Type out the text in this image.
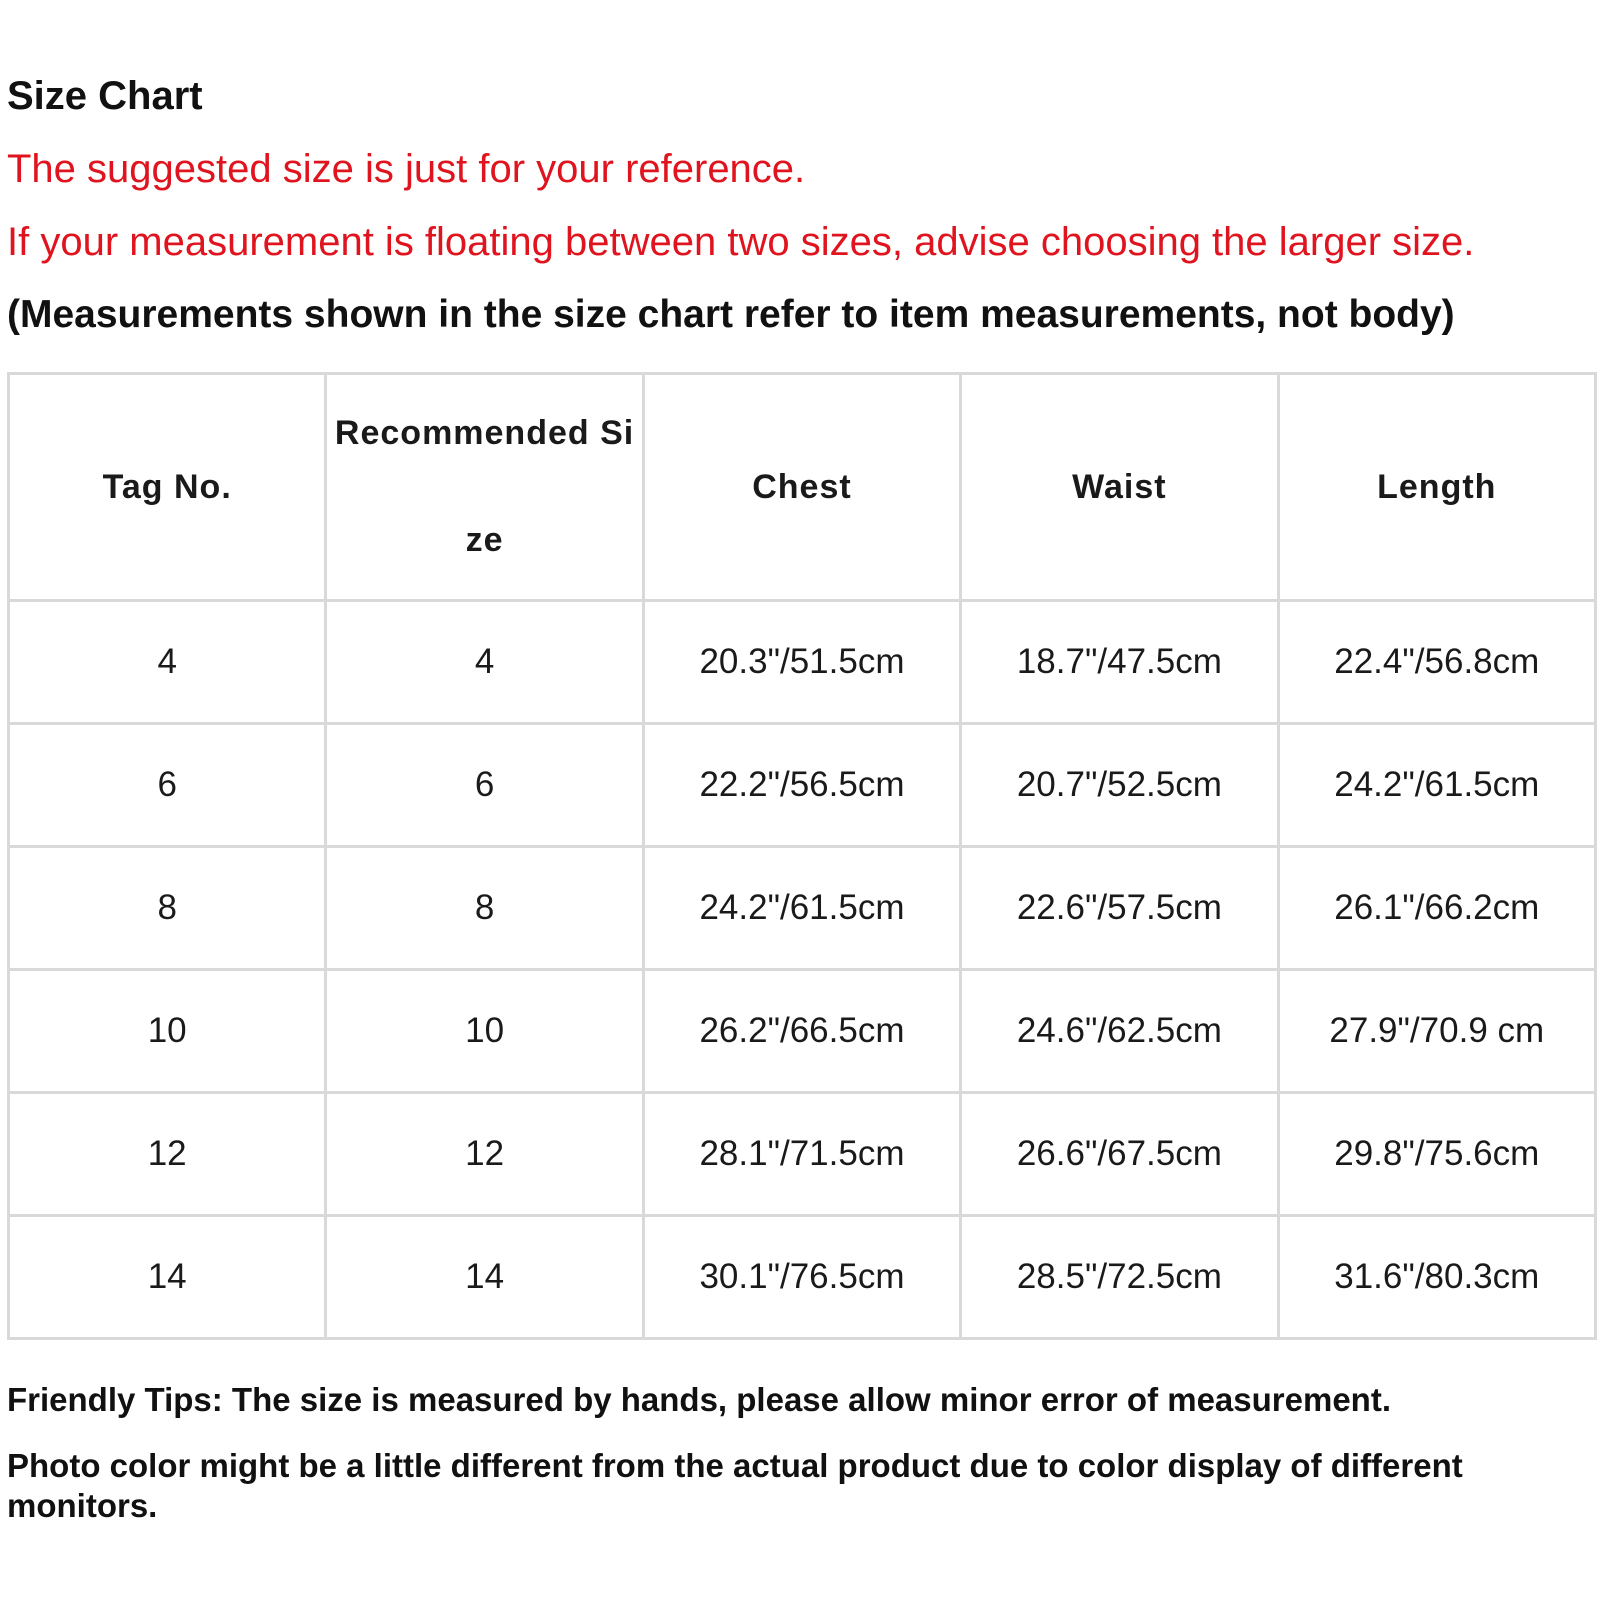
Size Chart
The suggested size is just for your reference.
If your measurement is floating between two sizes, advise choosing the larger size.
(Measurements shown in the size chart refer to item measurements, not body)
Tag No.	Recommended Size	Chest	Waist	Length
4	4	20.3"/51.5cm	18.7"/47.5cm	22.4"/56.8cm
6	6	22.2"/56.5cm	20.7"/52.5cm	24.2"/61.5cm
8	8	24.2"/61.5cm	22.6"/57.5cm	26.1"/66.2cm
10	10	26.2"/66.5cm	24.6"/62.5cm	27.9"/70.9 cm
12	12	28.1"/71.5cm	26.6"/67.5cm	29.8"/75.6cm
14	14	30.1"/76.5cm	28.5"/72.5cm	31.6"/80.3cm
Friendly Tips: The size is measured by hands, please allow minor error of measurement.
Photo color might be a little different from the actual product due to color display of different monitors.
